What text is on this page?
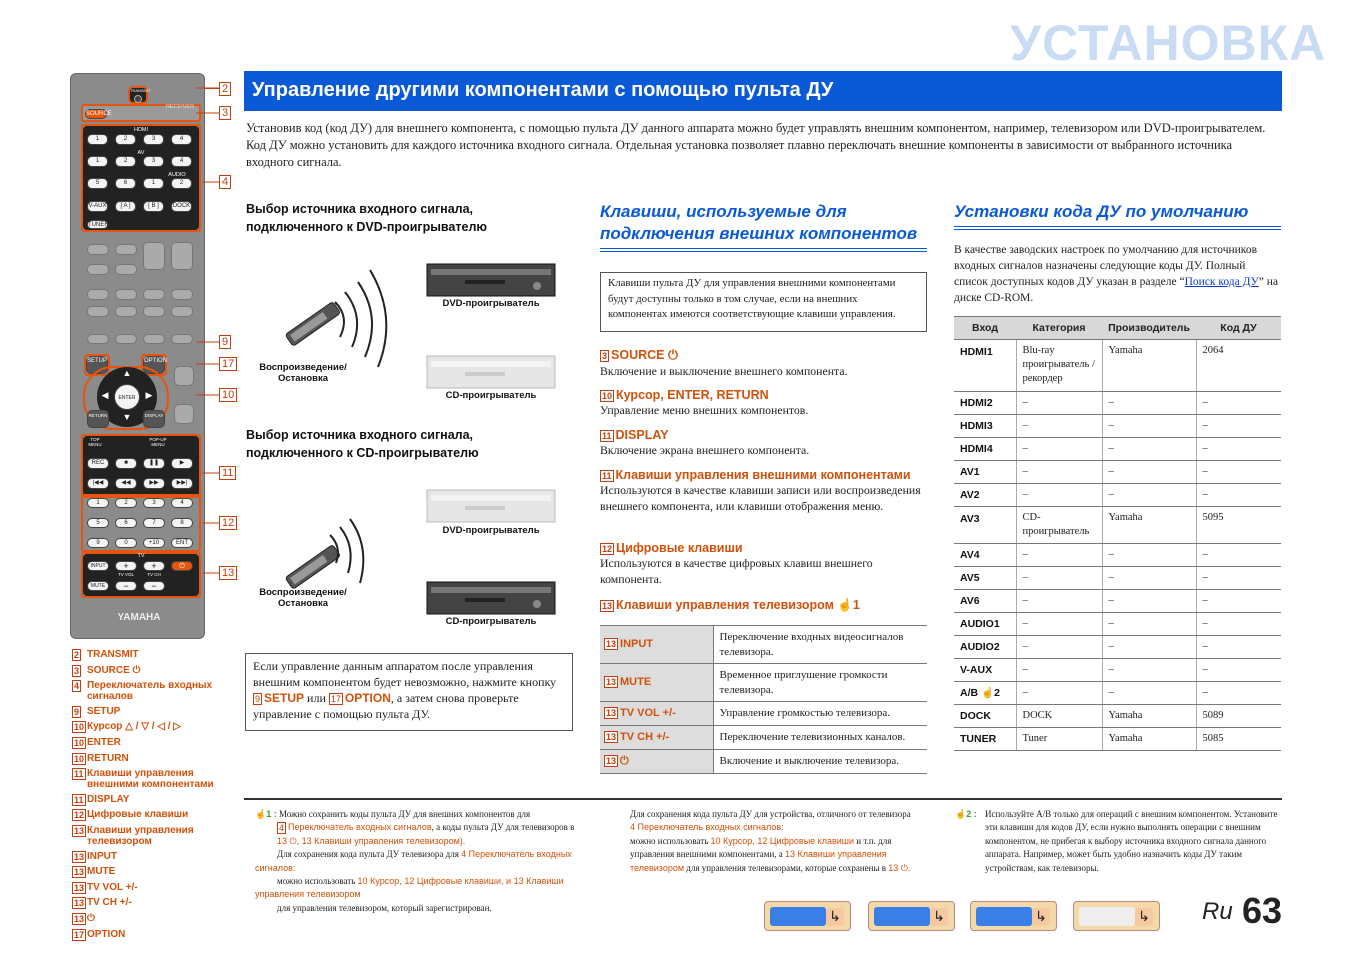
УСТАНОВКА
Управление другими компонентами с помощью пульта ДУ

Установив код (код ДУ) для внешнего компонента, с помощью пульта ДУ данного аппарата можно будет управлять внешним компонентом, например, телевизором или DVD-проигрывателем.

Код ДУ можно установить для каждого источника входного сигнала. Отдельная установка позволяет плавно переключать внешние компоненты в зависимости от выбранного источника входного сигнала.

TRANSMIT
SOURCE
RECEIVER
HDMI
AV
AUDIO
V-AUX	[ A ]	[ B ]	DOCK
TUNER
SETUP	OPTION
ENTER
▲
▼
◀	▶
RETURN	DISPLAY
TOP MENU
POP-UP MENU
REC	■	❚❚	▶
|◀◀	◀◀	▶▶	▶▶|
+10	ENT
TV
INPUT
MUTE
+
TV VOL
−
+
TV CH
−
⏻
YAMAHA
1	2	3	4
1	2	3	4
5	6	1	2
1	2	3	4
5	6	7	8
9	0
2
3
4
9
17
10
11
12
13
2 TRANSMIT
3 SOURCE ⏻
4 Переключатель входных сигналов
9 SETUP
10 Курсор △ / ▽ / ◁ / ▷
10 ENTER
10 RETURN
11 Клавиши управления внешними компонентами
11 DISPLAY
12 Цифровые клавиши
13 Клавиши управления телевизором
13 INPUT
13 MUTE
13 TV VOL +/-
13 TV CH +/-
13 ⏻
17 OPTION
Выбор источника входного сигнала, подключенного к DVD-проигрывателю
Воспроизведение/ Остановка
DVD-проигрыватель
CD-проигрыватель
Выбор источника входного сигнала, подключенного к CD-проигрывателю
Воспроизведение/ Остановка
DVD-проигрыватель
CD-проигрыватель
Если управление данным аппаратом после управления внешним компонентом будет невозможно, нажмите кнопку 9 SETUP или 17 OPTION, а затем снова проверьте управление с помощью пульта ДУ.
Клавиши, используемые для подключения внешних компонентов
Клавиши пульта ДУ для управления внешними компонентами будут доступны только в том случае, если на внешних компонентах имеются соответствующие клавиши управления.
3 SOURCE ⏻
Включение и выключение внешнего компонента.
10 Курсор, ENTER, RETURN
Управление меню внешних компонентов.
11 DISPLAY
Включение экрана внешнего компонента.
11 Клавиши управления внешними компонентами
Используются в качестве клавиши записи или воспроизведения внешнего компонента, или клавиши отображения меню.
12 Цифровые клавиши
Используются в качестве цифровых клавиш внешнего компонента.
13 Клавиши управления телевизором ☝1
13 INPUT	Переключение входных видеосигналов телевизора.
13 MUTE	Временное приглушение громкости телевизора.
13 TV VOL +/-	Управление громкостью телевизора.
13 TV CH +/-	Переключение телевизионных каналов.
13 ⏻	Включение и выключение телевизора.
Установки кода ДУ по умолчанию
В качестве заводских настроек по умолчанию для источников входных сигналов назначены следующие коды ДУ. Полный список доступных кодов ДУ указан в разделе “Поиск кода ДУ” на диске CD-ROM.
Вход	Категория	Производитель	Код ДУ
HDMI1	Blu-ray проигрыватель /рекордер	Yamaha	2064
HDMI2	–	–	–
HDMI3	–	–	–
HDMI4	–	–	–
AV1	–	–	–
AV2	–	–	–
AV3	CD-проигрыватель	Yamaha	5095
AV4	–	–	–
AV5	–	–	–
AV6	–	–	–
AUDIO1	–	–	–
AUDIO2	–	–	–
V-AUX	–	–	–
A/B ☝2	–	–	–
DOCK	DOCK	Yamaha	5089
TUNER	Tuner	Yamaha	5085
☝1 : Можно сохранить коды пульта ДУ для внешних компонентов для
4 Переключатель входных сигналов, а коды пульта ДУ для телевизоров в
13 ⏻, 13 Клавиши управления телевизором).
Для сохранения кода пульта ДУ телевизора для 4 Переключатель входных сигналов:
можно использовать 10 Курсор, 12 Цифровые клавиши, и 13 Клавиши управления телевизором
для управления телевизором, который зарегистрирован.
Для сохранения кода пульта ДУ для устройства, отличного от телевизора
4 Переключатель входных сигналов:
можно использовать 10 Курсор, 12 Цифровые клавиши и т.п. для управления внешними компонентами, а 13 Клавиши управления телевизором для управления телевизорами, которые сохранены в 13 ⏻.
☝2 : Используйте A/B только для операций с внешним компонентом. Установите эти клавиши для кодов ДУ, если нужно выполнять операции с внешним компонентом, не прибегая к выбору источника входного сигнала данного аппарата. Например, может быть удобно назначить коды ДУ таким устройствам, как телевизоры.
↳	↳	↳	↳ Ru 63
